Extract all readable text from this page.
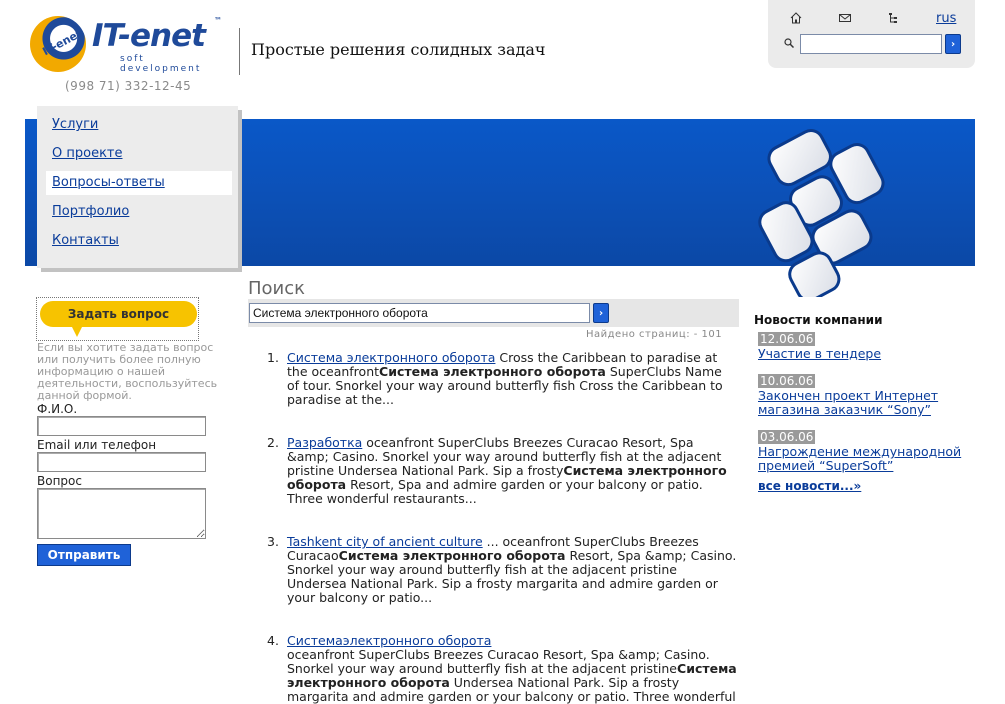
IT-enet IT-enet ™
soft development
(998 71) 332-12-45
Простые решения солидных задач
rus
›
Услуги
О проекте
Вопросы-ответы
Портфолио
Контакты
Задать вопрос
Если вы хотите задать вопрос или получить более полную информацию о нашей деятельности, воспользуйтесь данной формой.
Ф.И.О.
Email или телефон
Вопрос
Отправить
Поиск
Система электронного оборота
›
Найдено страниц: - 101
1. Система электронного оборота Cross the Caribbean to paradise at the oceanfrontСистема электронного оборота SuperClubs Name of tour. Snorkel your way around butterfly fish Cross the Caribbean to paradise at the...
2. Разработка oceanfront SuperClubs Breezes Curacao Resort, Spa &amp; Casino. Snorkel your way around butterfly fish at the adjacent pristine Undersea National Park. Sip a frostyСистема электронного оборота Resort, Spa and admire garden or your balcony or patio. Three wonderful restaurants...
3. Tashkent city of ancient culture ... oceanfront SuperClubs Breezes CuracaoСистема электронного оборота Resort, Spa &amp; Casino. Snorkel your way around butterfly fish at the adjacent pristine Undersea National Park. Sip a frosty margarita and admire garden or your balcony or patio...
4. Системаэлектронного оборота
oceanfront SuperClubs Breezes Curacao Resort, Spa &amp; Casino. Snorkel your way around butterfly fish at the adjacent pristineСистема электронного оборота Undersea National Park. Sip a frosty margarita and admire garden or your balcony or patio. Three wonderful
Новости компании
12.06.06
Участие в тендере
10.06.06
Закончен проект Интернет магазина заказчик “Sony”
03.06.06
Нагрождение международной премией “SuperSoft”
все новости...»
